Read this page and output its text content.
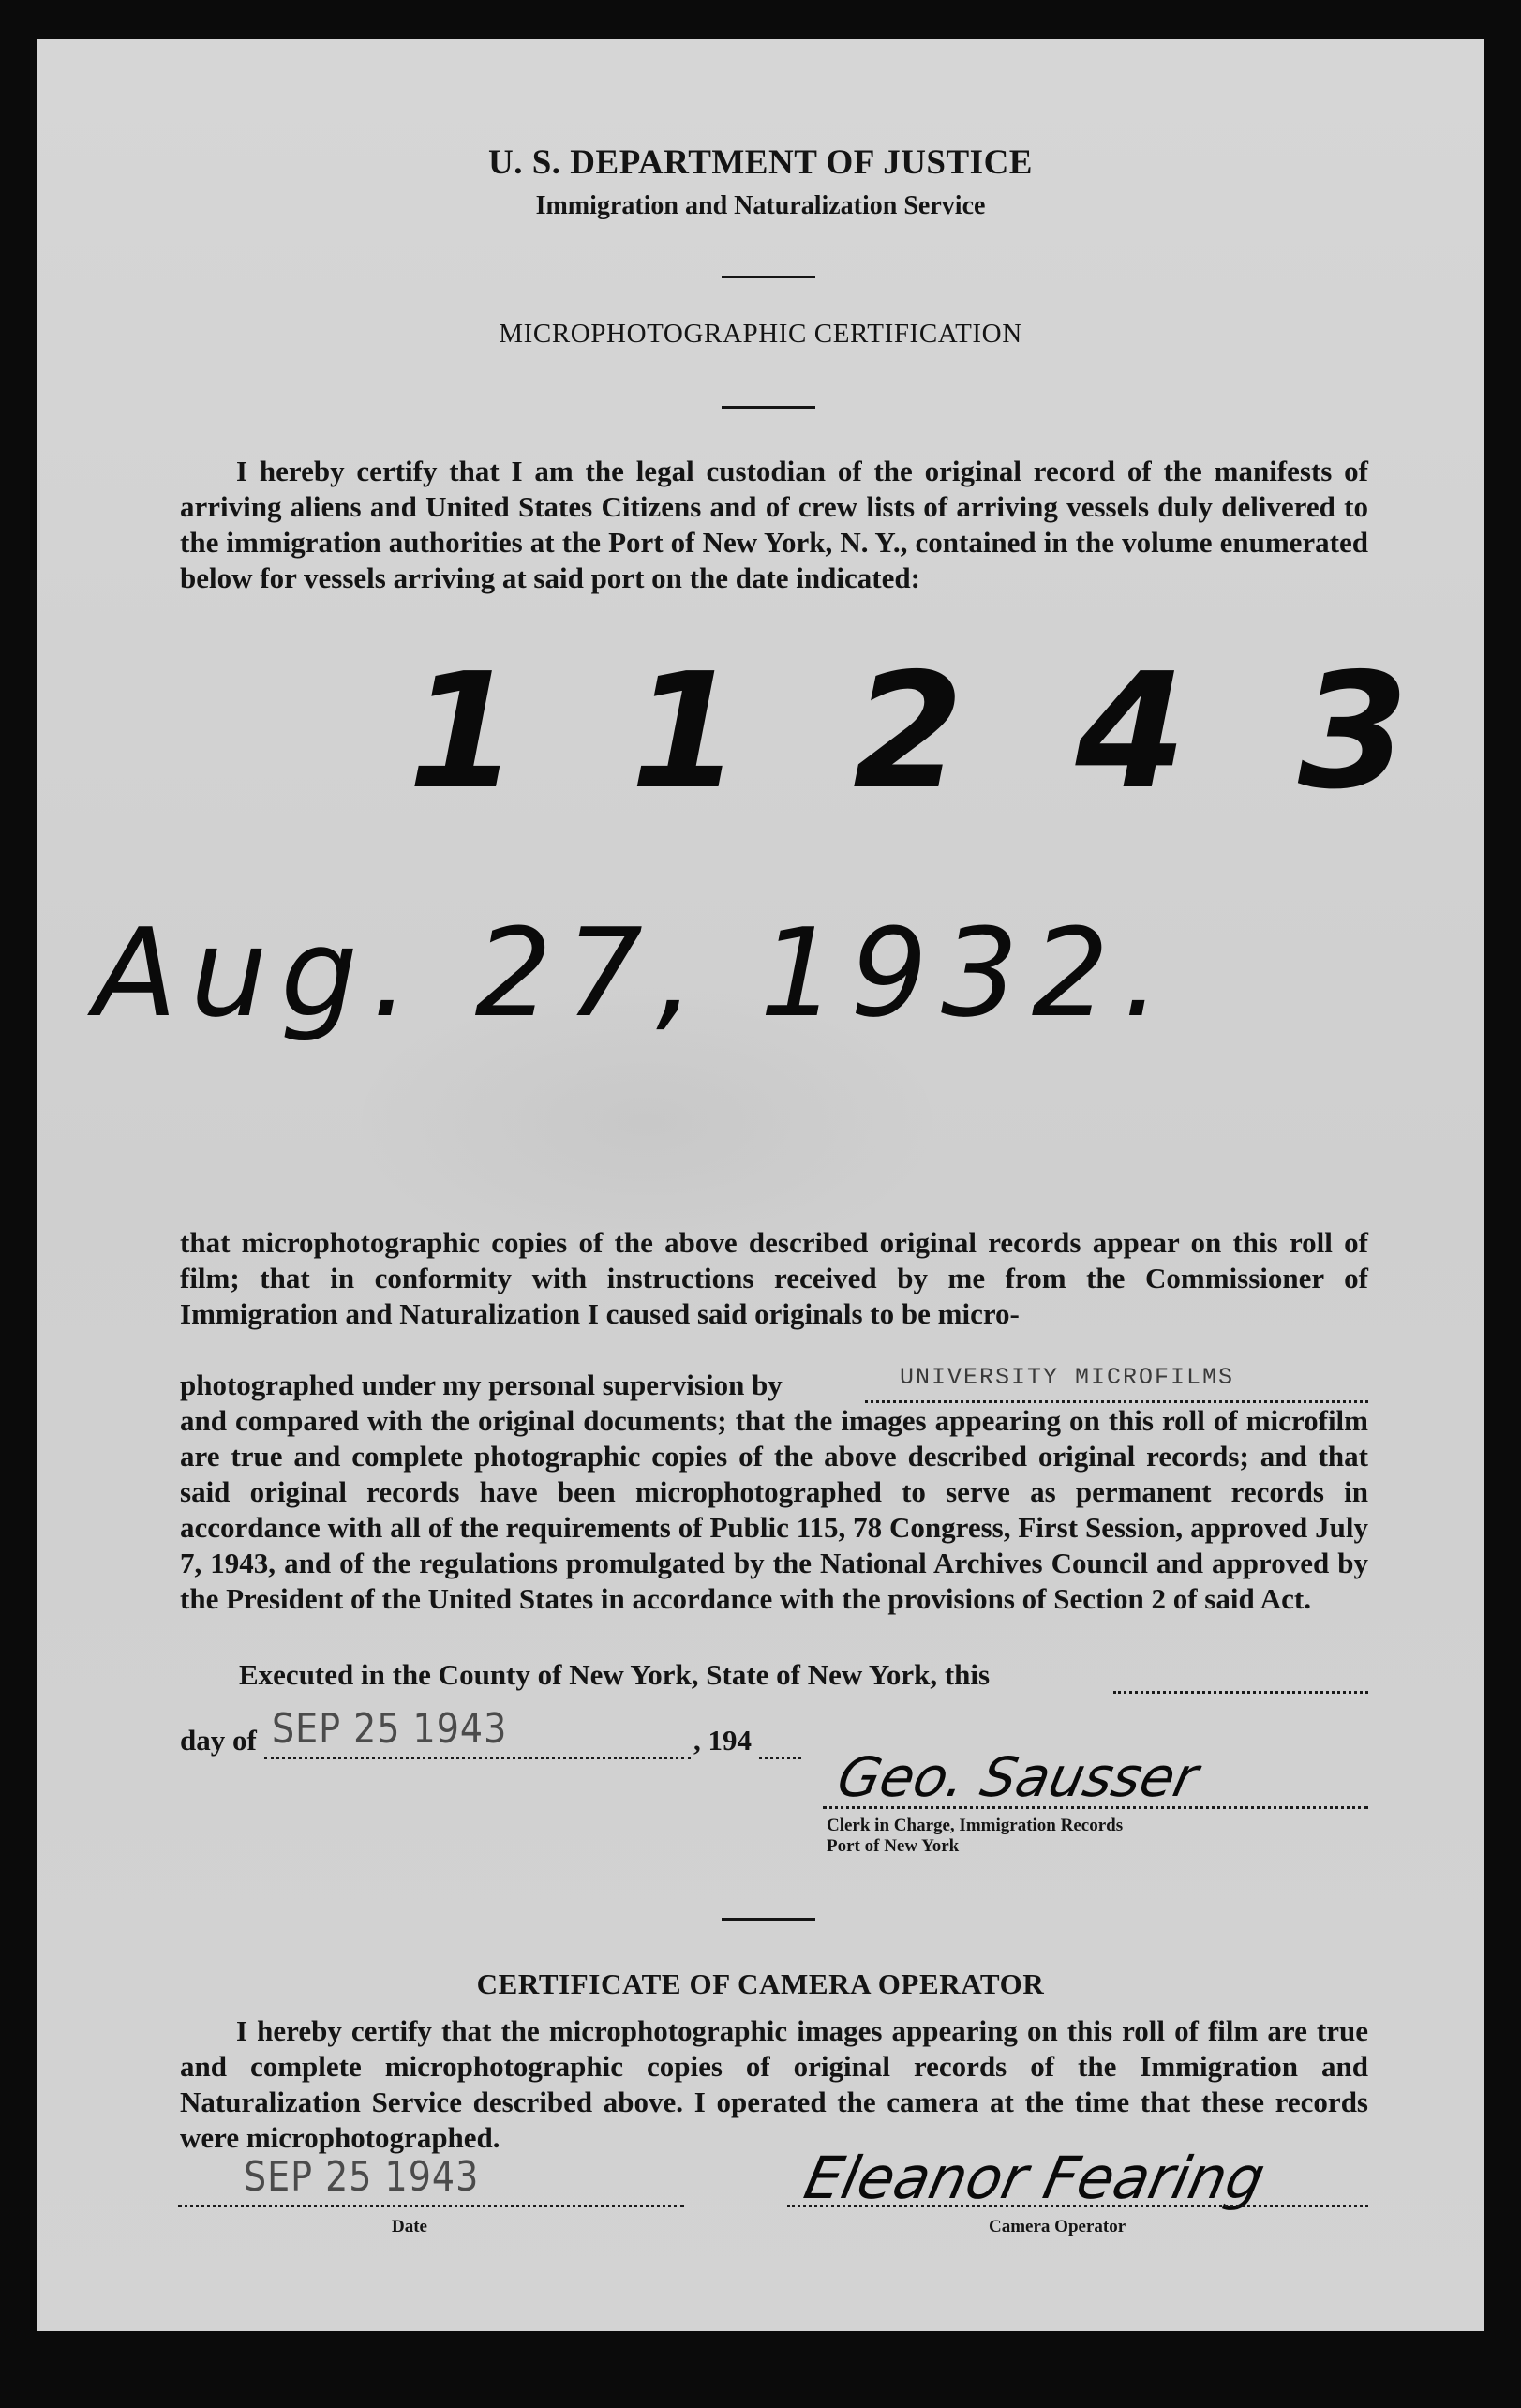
U. S. DEPARTMENT OF JUSTICE
Immigration and Naturalization Service
MICROPHOTOGRAPHIC CERTIFICATION
I hereby certify that I am the legal custodian of the original record of the manifests of arriving aliens and United States Citizens and of crew lists of arriving vessels duly delivered to the immigration authorities at the Port of New York, N. Y., contained in the volume enumerated below for vessels arriving at said port on the date indicated:
1 1 2 4 3
Aug. 27, 1932.
that microphotographic copies of the above described original records appear on this roll of film; that in conformity with instructions received by me from the Commissioner of Immigration and Naturalization I caused said originals to be micro-
photographed under my personal supervision by	UNIVERSITY MICROFILMS
and compared with the original documents; that the images appearing on this roll of microfilm are true and complete photographic copies of the above described original records; and that said original records have been microphotographed to serve as permanent records in accordance with all of the requirements of Public 115, 78 Congress, First Session, approved July 7, 1943, and of the regulations promulgated by the National Archives Council and approved by the President of the United States in accordance with the provisions of Section 2 of said Act.
Executed in the County of New York, State of New York, this
day of SEP 25 1943	, 194
Geo. Sausser
Clerk in Charge, Immigration Records
Port of New York
CERTIFICATE OF CAMERA OPERATOR
I hereby certify that the microphotographic images appearing on this roll of film are true and complete microphotographic copies of original records of the Immigration and Naturalization Service described above. I operated the camera at the time that these records were microphotographed.
SEP 25 1943
Date
Eleanor Fearing
Camera Operator
